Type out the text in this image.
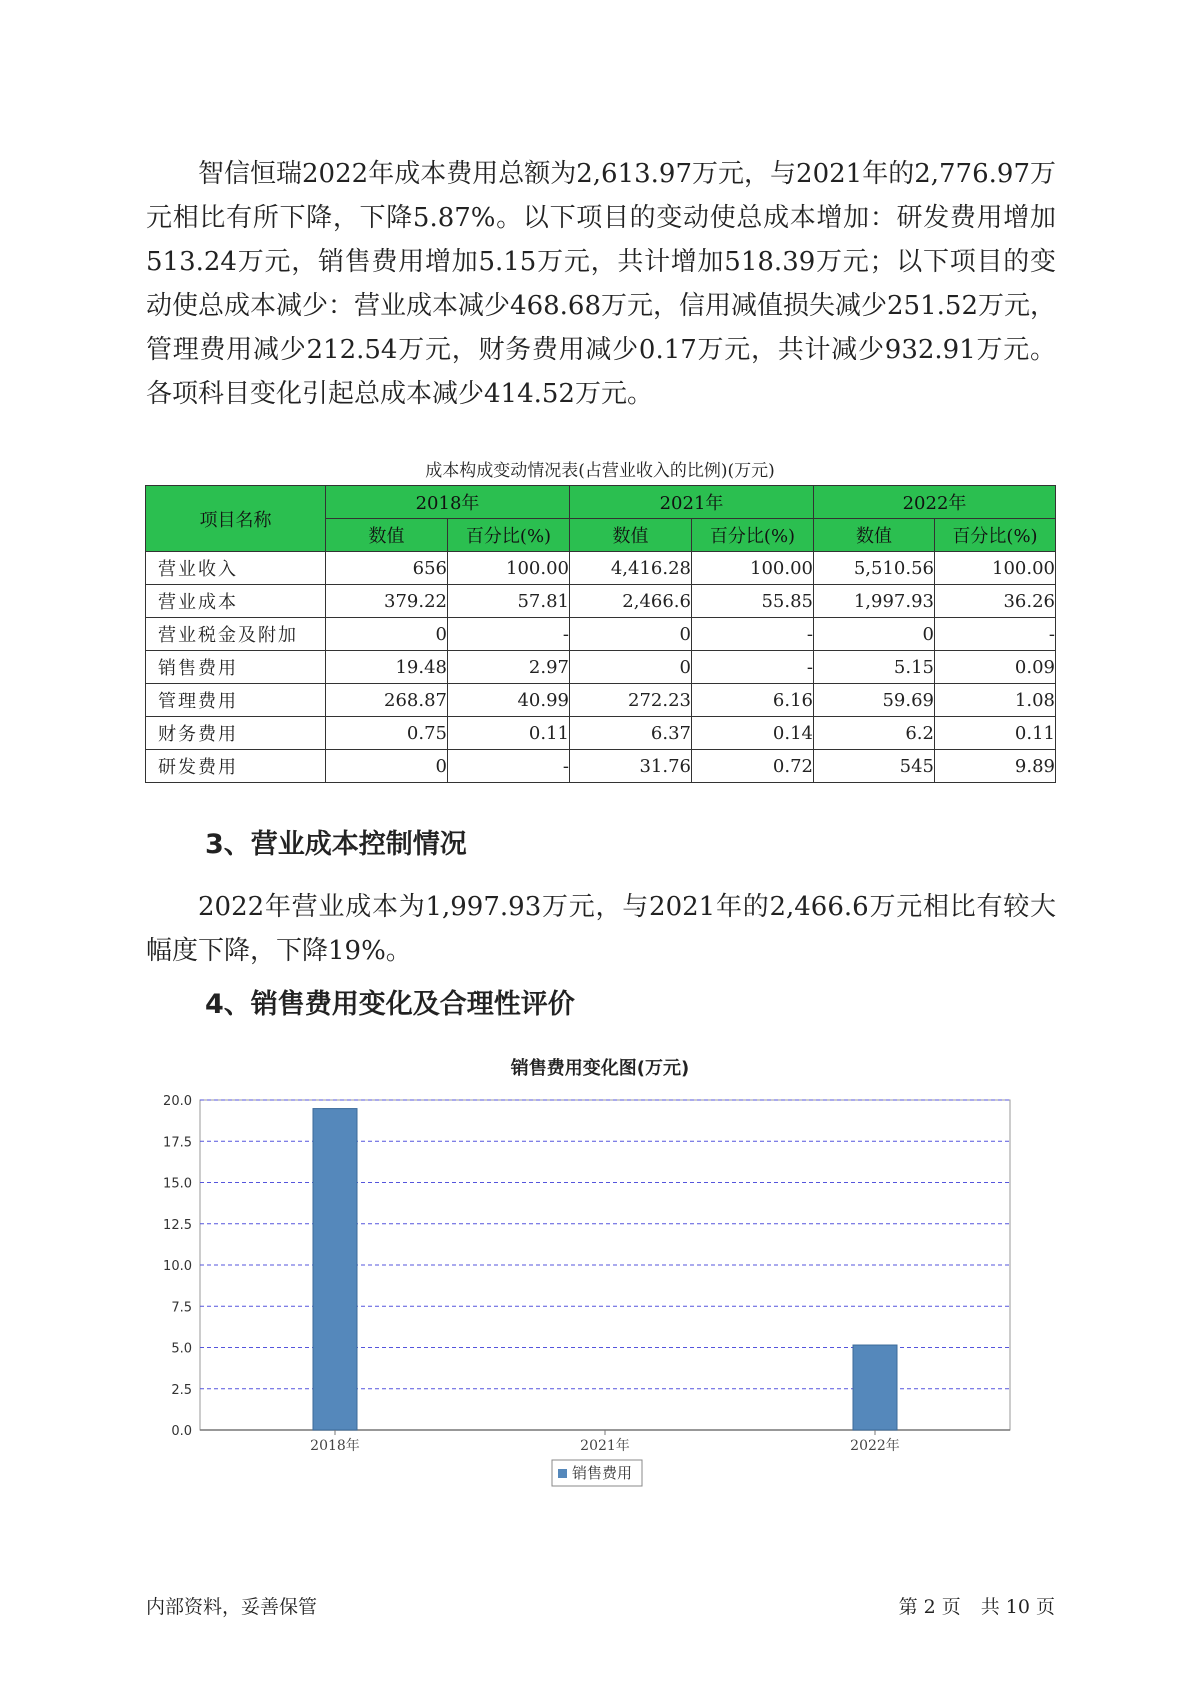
智信恒瑞2022年成本费用总额为2,613.97万元，与2021年的2,776.97万元相比有所下降，下降5.87%。以下项目的变动使总成本增加：研发费用增加513.24万元，销售费用增加5.15万元，共计增加518.39万元；以下项目的变动使总成本减少：营业成本减少468.68万元，信用减值损失减少251.52万元，管理费用减少212.54万元，财务费用减少0.17万元，共计减少932.91万元。各项科目变化引起总成本减少414.52万元。

成本构成变动情况表(占营业收入的比例)(万元)
项目名称	2018年		2021年		2022年	
	数值	百分比(%)	数值	百分比(%)	数值	百分比(%)
营业收入	656	100.00	4,416.28	100.00	5,510.56	100.00
营业成本	379.22	57.81	2,466.6	55.85	1,997.93	36.26
营业税金及附加	0	-	0	-	0	-
销售费用	19.48	2.97	0	-	5.15	0.09
管理费用	268.87	40.99	272.23	6.16	59.69	1.08
财务费用	0.75	0.11	6.37	0.14	6.2	0.11
研发费用	0	-	31.76	0.72	545	9.89
3、营业成本控制情况

2022年营业成本为1,997.93万元，与2021年的2,466.6万元相比有较大幅度下降，下降19%。

4、销售费用变化及合理性评价
销售费用变化图(万元)
0.0
2.5
5.0
7.5
10.0
12.5
15.0
17.5
20.0
2018年	2021年	2022年
销售费用
内部资料，妥善保管	第 2 页 共 10 页
